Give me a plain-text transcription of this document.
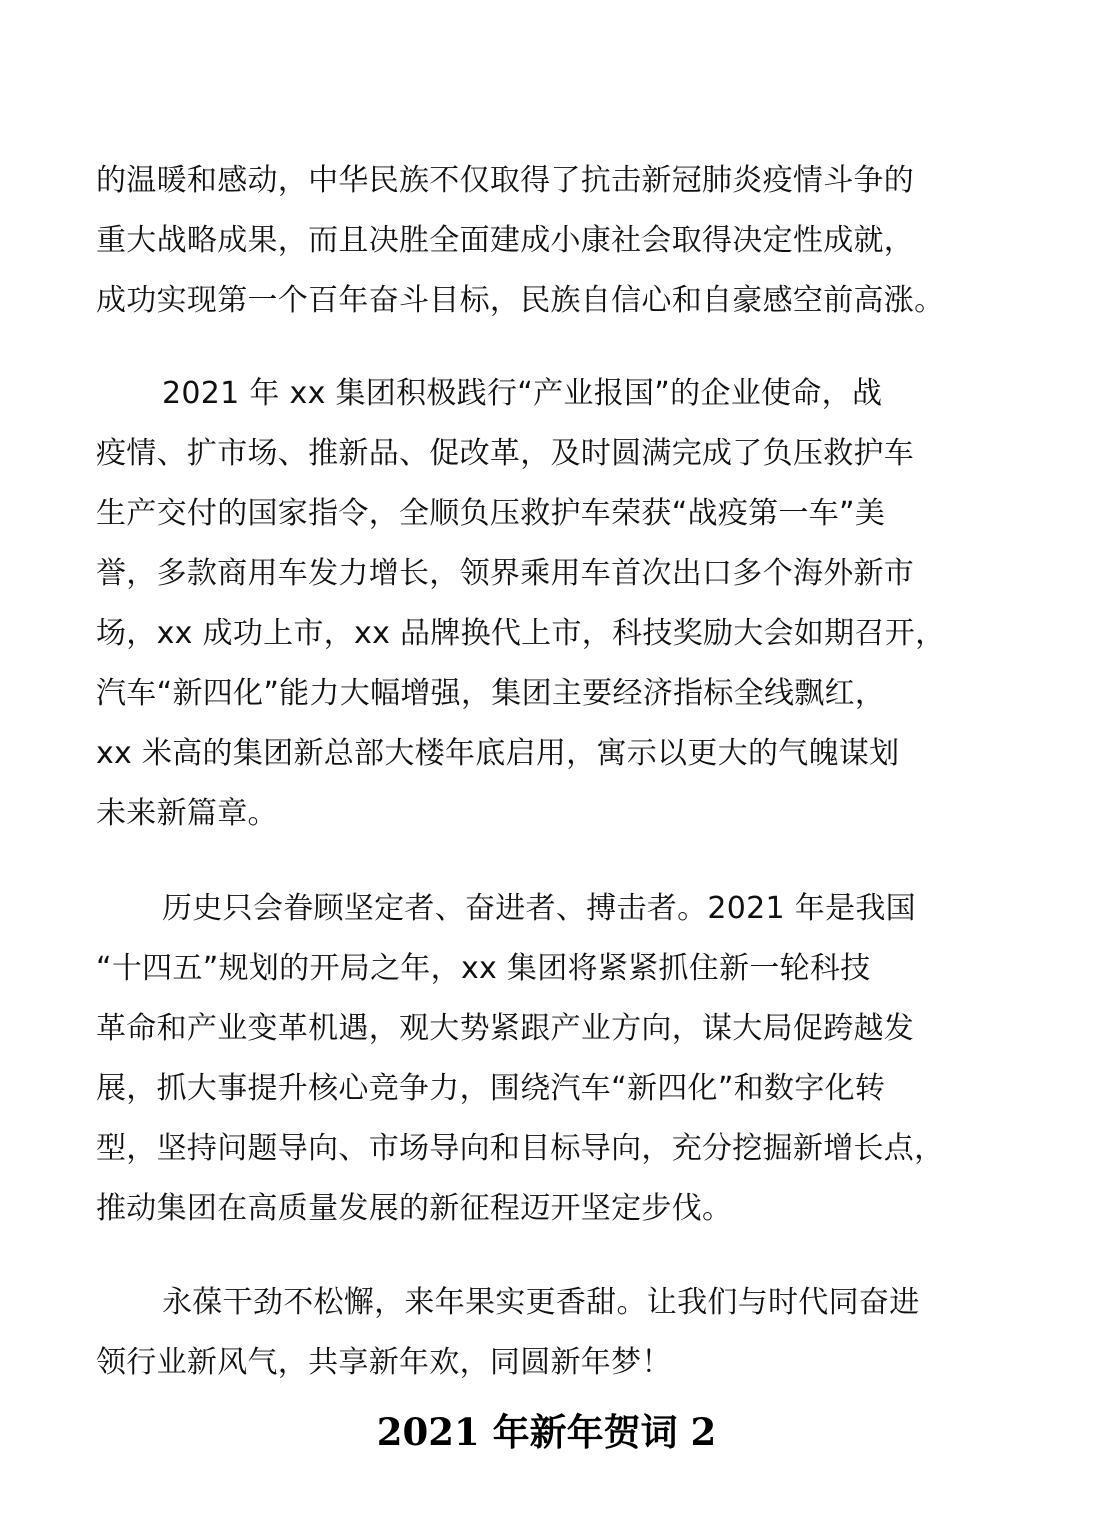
的温暖和感动，中华民族不仅取得了抗击新冠肺炎疫情斗争的
重大战略成果，而且决胜全面建成小康社会取得决定性成就，
成功实现第一个百年奋斗目标，民族自信心和自豪感空前高涨。
2021 年 xx 集团积极践行“产业报国”的企业使命，战
疫情、扩市场、推新品、促改革，及时圆满完成了负压救护车
生产交付的国家指令，全顺负压救护车荣获“战疫第一车”美
誉，多款商用车发力增长，领界乘用车首次出口多个海外新市
场，xx 成功上市，xx 品牌换代上市，科技奖励大会如期召开，
汽车“新四化”能力大幅增强，集团主要经济指标全线飘红，
xx 米高的集团新总部大楼年底启用，寓示以更大的气魄谋划
未来新篇章。
历史只会眷顾坚定者、奋进者、搏击者。2021 年是我国
“十四五”规划的开局之年，xx 集团将紧紧抓住新一轮科技
革命和产业变革机遇，观大势紧跟产业方向，谋大局促跨越发
展，抓大事提升核心竞争力，围绕汽车“新四化”和数字化转
型，坚持问题导向、市场导向和目标导向，充分挖掘新增长点，
推动集团在高质量发展的新征程迈开坚定步伐。
永葆干劲不松懈，来年果实更香甜。让我们与时代同奋进
领行业新风气，共享新年欢，同圆新年梦！
2021 年新年贺词 2
